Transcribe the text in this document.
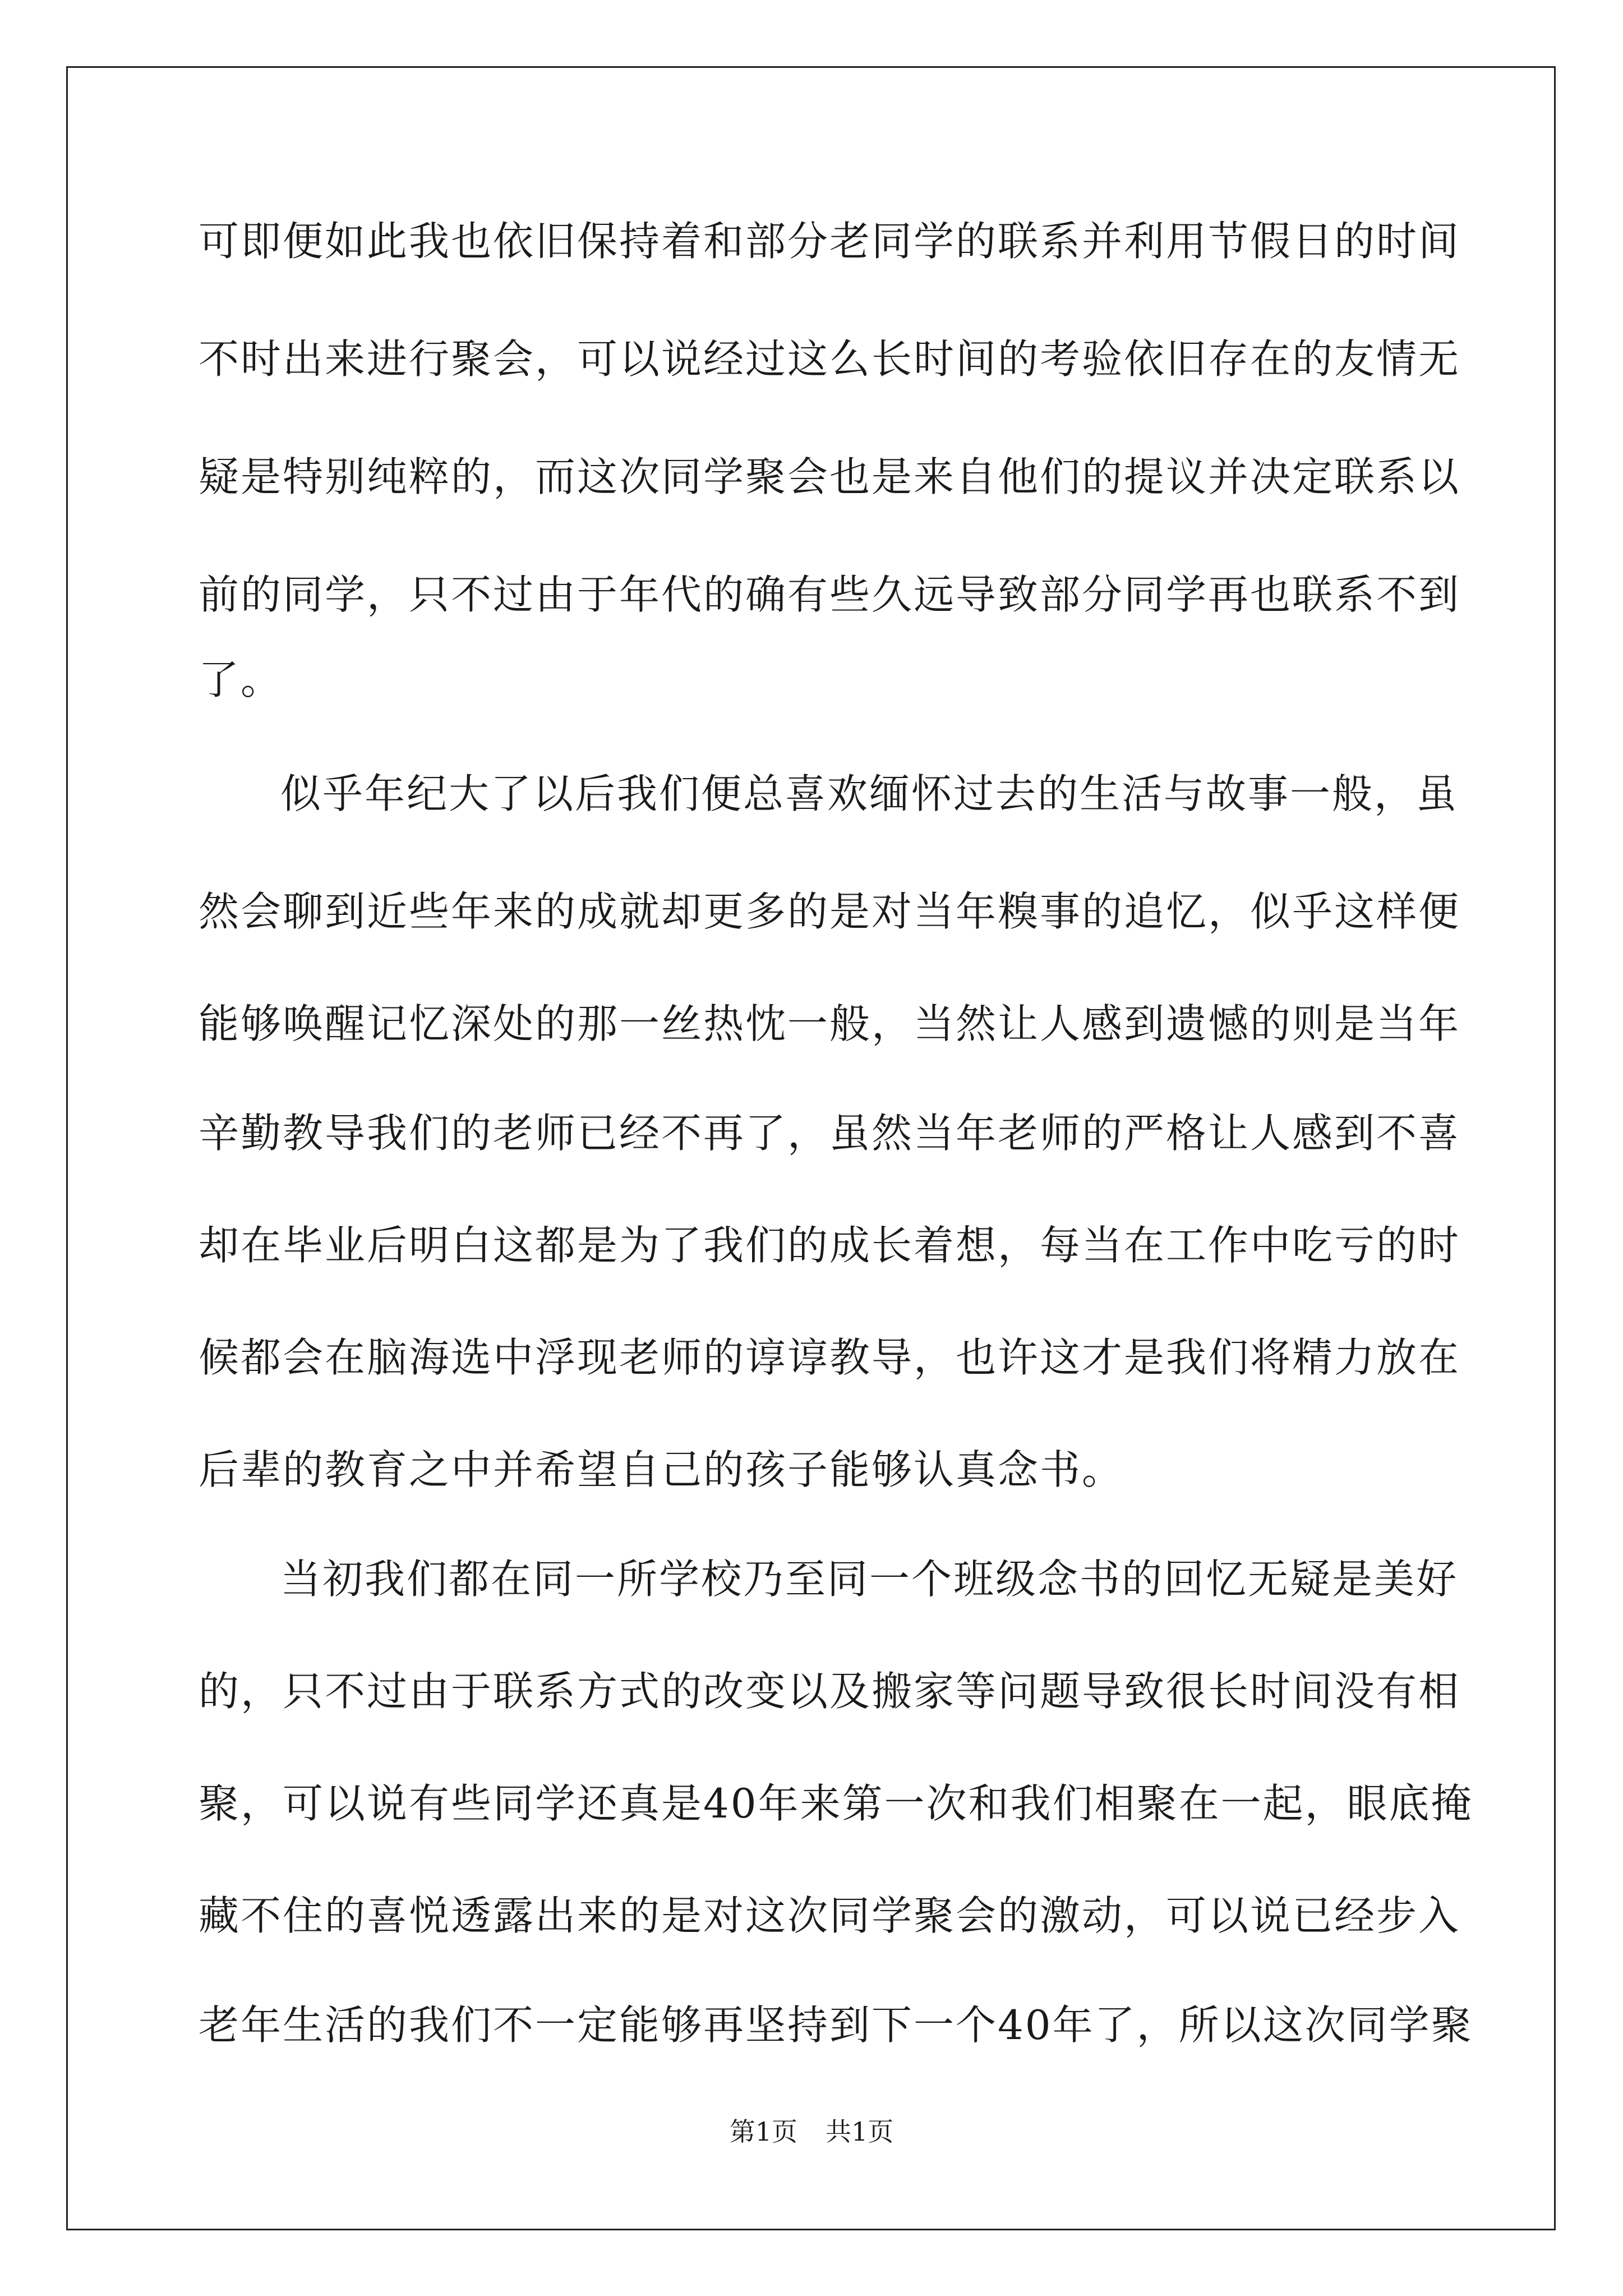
可即便如此我也依旧保持着和部分老同学的联系并利用节假日的时间
不时出来进行聚会，可以说经过这么长时间的考验依旧存在的友情无
疑是特别纯粹的，而这次同学聚会也是来自他们的提议并决定联系以
前的同学，只不过由于年代的确有些久远导致部分同学再也联系不到
了。
似乎年纪大了以后我们便总喜欢缅怀过去的生活与故事一般，虽
然会聊到近些年来的成就却更多的是对当年糗事的追忆，似乎这样便
能够唤醒记忆深处的那一丝热忱一般，当然让人感到遗憾的则是当年
辛勤教导我们的老师已经不再了，虽然当年老师的严格让人感到不喜
却在毕业后明白这都是为了我们的成长着想，每当在工作中吃亏的时
候都会在脑海选中浮现老师的谆谆教导，也许这才是我们将精力放在
后辈的教育之中并希望自己的孩子能够认真念书。
当初我们都在同一所学校乃至同一个班级念书的回忆无疑是美好
的，只不过由于联系方式的改变以及搬家等问题导致很长时间没有相
聚，可以说有些同学还真是40年来第一次和我们相聚在一起，眼底掩
藏不住的喜悦透露出来的是对这次同学聚会的激动，可以说已经步入
老年生活的我们不一定能够再坚持到下一个40年了，所以这次同学聚
第1页 共1页
